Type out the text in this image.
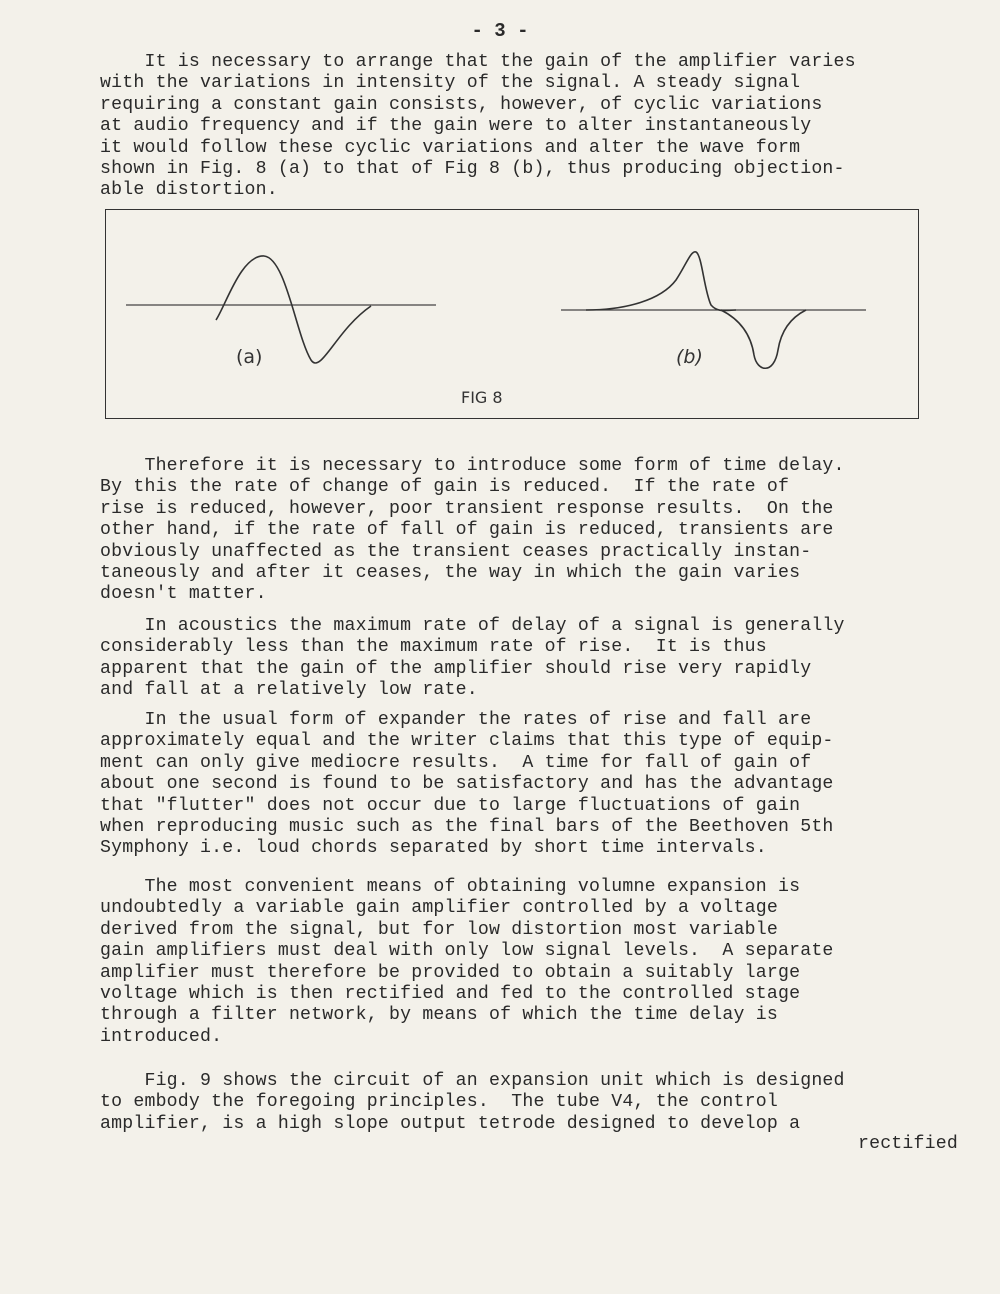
- 3 -
It is necessary to arrange that the gain of the amplifier varies
with the variations in intensity of the signal. A steady signal
requiring a constant gain consists, however, of cyclic variations
at audio frequency and if the gain were to alter instantaneously
it would follow these cyclic variations and alter the wave form
shown in Fig. 8 (a) to that of Fig 8 (b), thus producing objection-
able distortion.
(a)	(b)
FIG 8
Therefore it is necessary to introduce some form of time delay.
By this the rate of change of gain is reduced.  If the rate of
rise is reduced, however, poor transient response results.  On the
other hand, if the rate of fall of gain is reduced, transients are
obviously unaffected as the transient ceases practically instan-
taneously and after it ceases, the way in which the gain varies
doesn't matter.
In acoustics the maximum rate of delay of a signal is generally
considerably less than the maximum rate of rise.  It is thus
apparent that the gain of the amplifier should rise very rapidly
and fall at a relatively low rate.
In the usual form of expander the rates of rise and fall are
approximately equal and the writer claims that this type of equip-
ment can only give mediocre results.  A time for fall of gain of
about one second is found to be satisfactory and has the advantage
that "flutter" does not occur due to large fluctuations of gain
when reproducing music such as the final bars of the Beethoven 5th
Symphony i.e. loud chords separated by short time intervals.
The most convenient means of obtaining volumne expansion is
undoubtedly a variable gain amplifier controlled by a voltage
derived from the signal, but for low distortion most variable
gain amplifiers must deal with only low signal levels.  A separate
amplifier must therefore be provided to obtain a suitably large
voltage which is then rectified and fed to the controlled stage
through a filter network, by means of which the time delay is
introduced.
Fig. 9 shows the circuit of an expansion unit which is designed
to embody the foregoing principles.  The tube V4, the control
amplifier, is a high slope output tetrode designed to develop a
rectified
